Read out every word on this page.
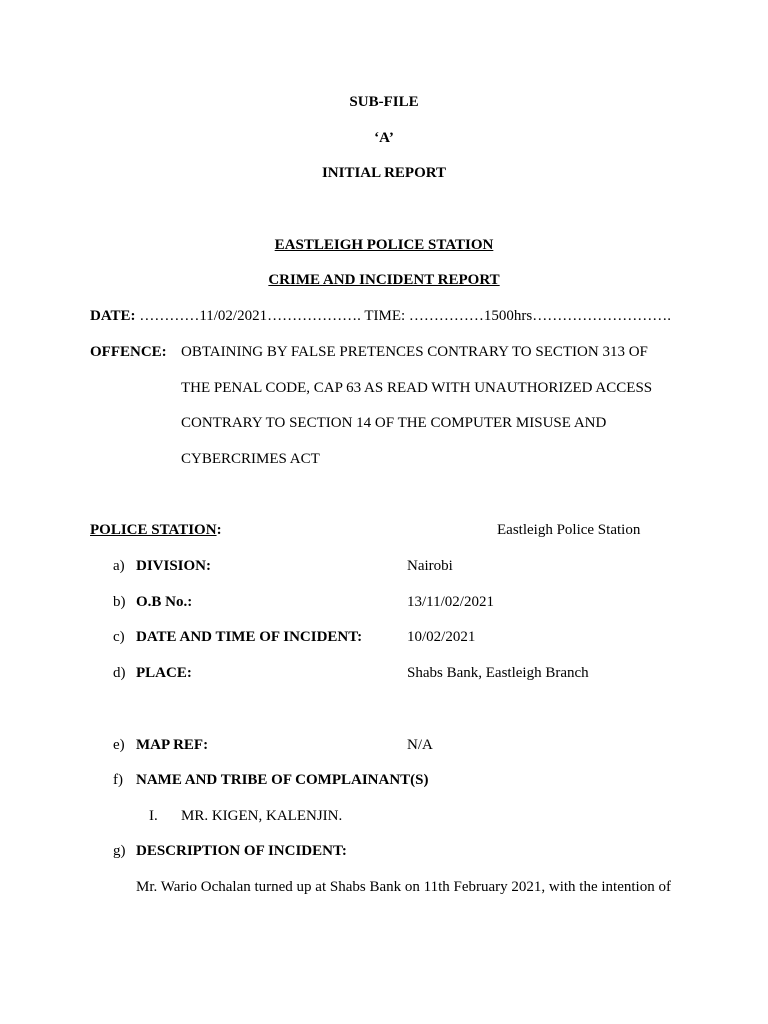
SUB-FILE
‘A’
INITIAL REPORT
EASTLEIGH POLICE STATION
CRIME AND INCIDENT REPORT
DATE: …………11/02/2021………………. TIME: ……………1500hrs……………………….
OFFENCE: OBTAINING BY FALSE PRETENCES CONTRARY TO SECTION 313 OF
THE PENAL CODE, CAP 63 AS READ WITH UNAUTHORIZED ACCESS
CONTRARY TO SECTION 14 OF THE COMPUTER MISUSE AND
CYBERCRIMES ACT
POLICE STATION:	Eastleigh Police Station
a) DIVISION:	Nairobi
b) O.B No.:	13/11/02/2021
c) DATE AND TIME OF INCIDENT:	10/02/2021
d) PLACE:	Shabs Bank, Eastleigh Branch
e) MAP REF:	N/A
f) NAME AND TRIBE OF COMPLAINANT(S)
I. MR. KIGEN, KALENJIN.
g) DESCRIPTION OF INCIDENT:
Mr. Wario Ochalan turned up at Shabs Bank on 11th February 2021, with the intention of
